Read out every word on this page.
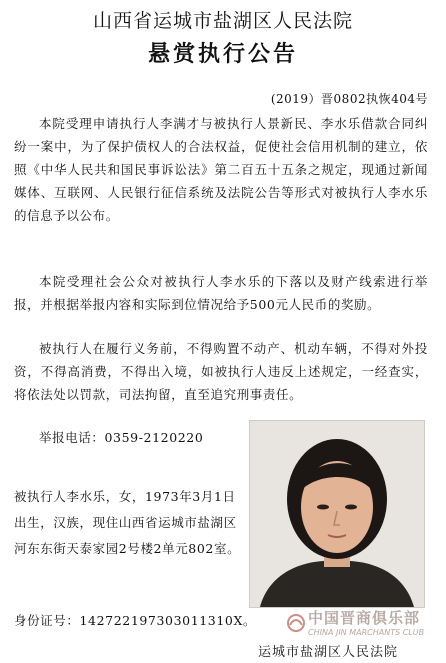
山西省运城市盐湖区人民法院
悬赏执行公告
(2019）晋0802执恢404号
本院受理申请执行人李满才与被执行人景新民、李水乐借款合同纠纷一案中，为了保护债权人的合法权益，促使社会信用机制的建立，依照《中华人民共和国民事诉讼法》第二百五十五条之规定，现通过新闻媒体、互联网、人民银行征信系统及法院公告等形式对被执行人李水乐的信息予以公布。
本院受理社会公众对被执行人李水乐的下落以及财产线索进行举报，并根据举报内容和实际到位情况给予500元人民币的奖励。
被执行人在履行义务前，不得购置不动产、机动车辆，不得对外投资，不得高消费，不得出入境，如被执行人违反上述规定，一经查实，将依法处以罚款，司法拘留，直至追究刑事责任。
举报电话：0359-2120220
被执行人李水乐，女，1973年3月1日出生，汉族，现住山西省运城市盐湖区河东东街天泰家园2号楼2单元802室。
身份证号：142722197303011310X。	中国晋商俱乐部
CHINA JIN MARCHANTS CLUB
运城市盐湖区人民法院
